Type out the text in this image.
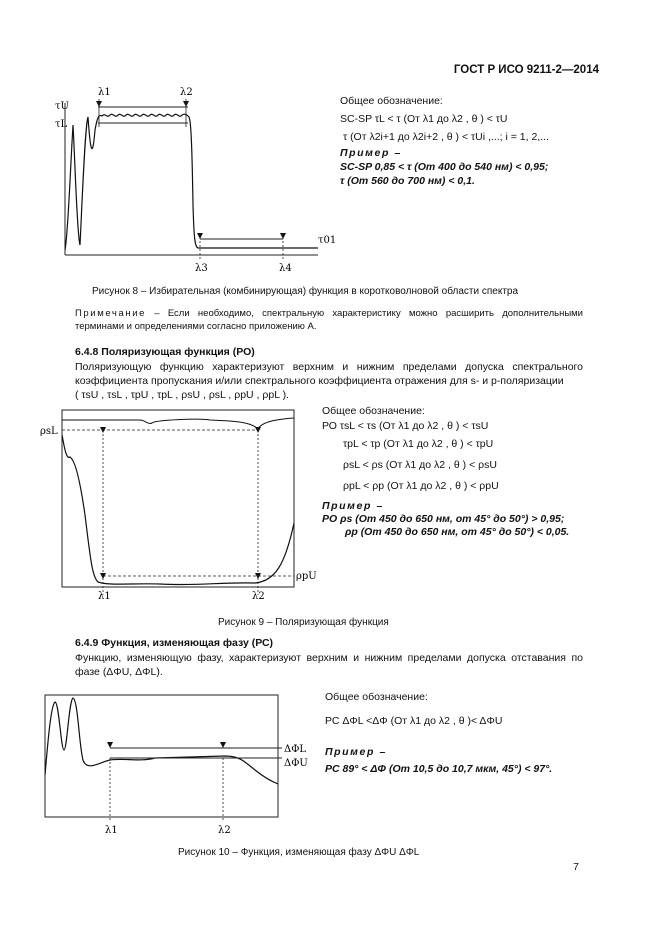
ГОСТ Р ИСО 9211-2—2014
τU
τL
λ1	λ2
λ3	λ4
τ01
Общее обозначение:
SC-SP τL < τ (От λ1 до λ2 , θ ) < τU
τ (От λ2i+1 до λ2i+2 , θ ) < τUi ,...; i = 1, 2,...
Пример –
SC-SP 0,85 < τ (От 400 до 540 нм) < 0,95;
τ (От 560 до 700 нм) < 0,1.
Рисунок 8 – Избирательная (комбинирующая) функция в коротковолновой области спектра
Примечание – Если необходимо, спектральную характеристику можно расширить дополнительными терминами и определениями согласно приложению А.
6.4.8 Поляризующая функция (РО)
Поляризующую функцию характеризуют верхним и нижним пределами допуска спектрального коэффициента пропускания и/или спектрального коэффициента отражения для s- и p-поляризации
( τsU , τsL , τpU , τpL , ρsU , ρsL , ρpU , ρpL ).
ρsL
ρpU
λ1	λ2
Общее обозначение:
РО τsL < τs (От λ1 до λ2 , θ ) < τsU
τpL < τp (От λ1 до λ2 , θ ) < τpU
ρsL < ρs (От λ1 до λ2 , θ ) < ρsU
ρpL < ρp (От λ1 до λ2 , θ ) < ρpU
Пример –
РО ρs (От 450 до 650 нм, от 45° до 50°) > 0,95;
ρp (От 450 до 650 нм, от 45° до 50°) < 0,05.
Рисунок 9 – Поляризующая функция
6.4.9 Функция, изменяющая фазу (РС)
Функцию, изменяющую фазу, характеризуют верхним и нижним пределами допуска отставания по фазе (ΔΦU, ΔΦL).
ΔΦL
ΔΦU
λ1	λ2
Общее обозначение:
РС ΔΦL <ΔΦ (От λ1 до λ2 , θ )< ΔΦU
Пример –
РС 89° < ΔΦ (От 10,5 до 10,7 мкм, 45°) < 97°.
Рисунок 10 – Функция, изменяющая фазу ΔΦU ΔΦL
7
